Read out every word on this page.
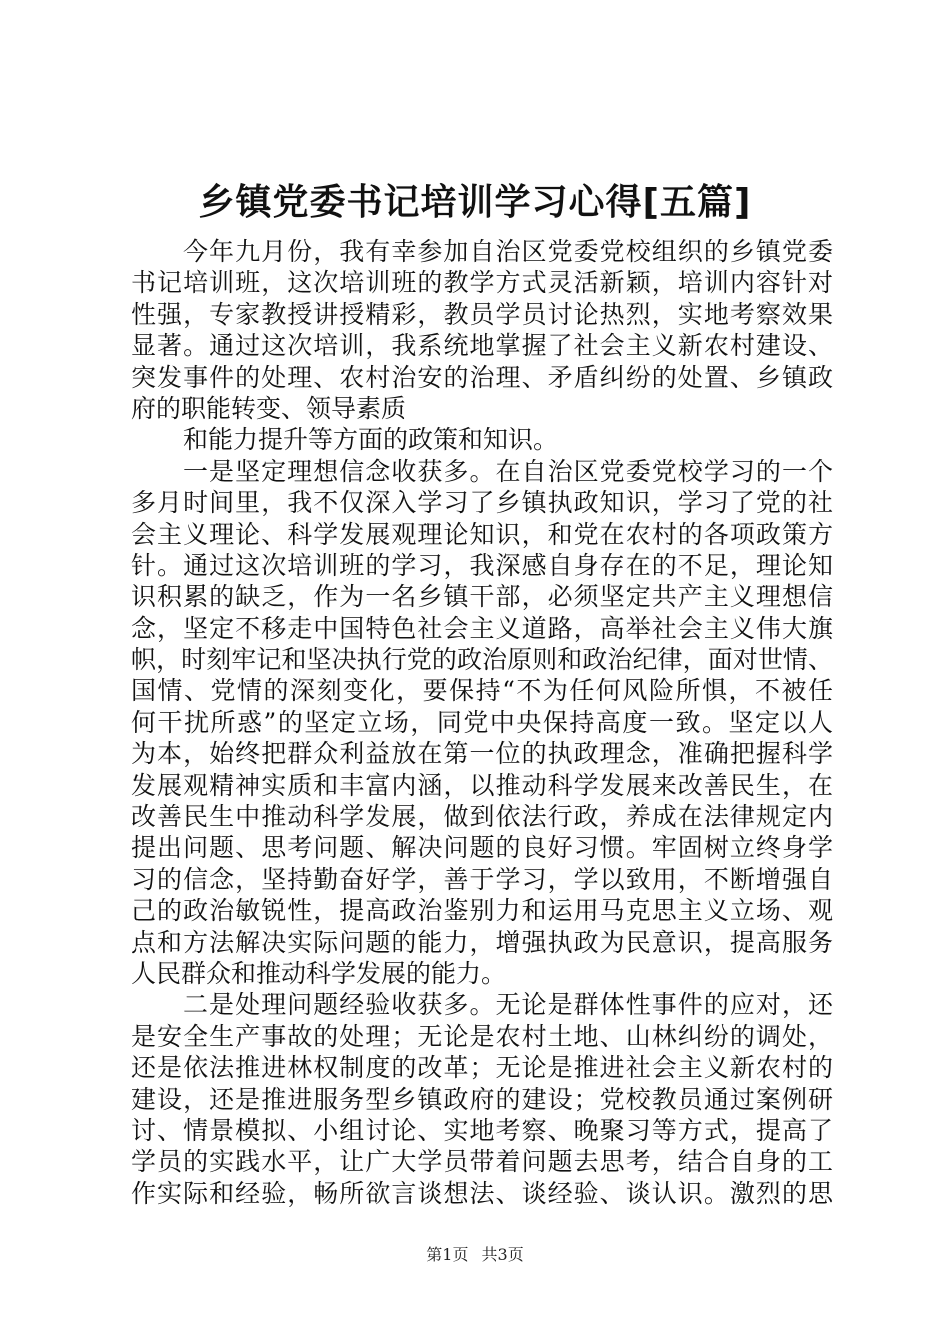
乡镇党委书记培训学习心得[五篇]
今年九月份，我有幸参加自治区党委党校组织的乡镇党委
书记培训班，这次培训班的教学方式灵活新颖，培训内容针对
性强，专家教授讲授精彩，教员学员讨论热烈，实地考察效果
显著。通过这次培训，我系统地掌握了社会主义新农村建设、
突发事件的处理、农村治安的治理、矛盾纠纷的处置、乡镇政
府的职能转变、领导素质
和能力提升等方面的政策和知识。
一是坚定理想信念收获多。在自治区党委党校学习的一个
多月时间里，我不仅深入学习了乡镇执政知识，学习了党的社
会主义理论、科学发展观理论知识，和党在农村的各项政策方
针。通过这次培训班的学习，我深感自身存在的不足，理论知
识积累的缺乏，作为一名乡镇干部，必须坚定共产主义理想信
念，坚定不移走中国特色社会主义道路，高举社会主义伟大旗
帜，时刻牢记和坚决执行党的政治原则和政治纪律，面对世情、
国情、党情的深刻变化，要保持“不为任何风险所惧，不被任
何干扰所惑”的坚定立场，同党中央保持高度一致。坚定以人
为本，始终把群众利益放在第一位的执政理念，准确把握科学
发展观精神实质和丰富内涵，以推动科学发展来改善民生，在
改善民生中推动科学发展，做到依法行政，养成在法律规定内
提出问题、思考问题、解决问题的良好习惯。牢固树立终身学
习的信念，坚持勤奋好学，善于学习，学以致用，不断增强自
己的政治敏锐性，提高政治鉴别力和运用马克思主义立场、观
点和方法解决实际问题的能力，增强执政为民意识，提高服务
人民群众和推动科学发展的能力。
二是处理问题经验收获多。无论是群体性事件的应对，还
是安全生产事故的处理；无论是农村土地、山林纠纷的调处，
还是依法推进林权制度的改革；无论是推进社会主义新农村的
建设，还是推进服务型乡镇政府的建设；党校教员通过案例研
讨、情景模拟、小组讨论、实地考察、晚聚习等方式，提高了
学员的实践水平，让广大学员带着问题去思考，结合自身的工
作实际和经验，畅所欲言谈想法、谈经验、谈认识。激烈的思
第1页 共3页
